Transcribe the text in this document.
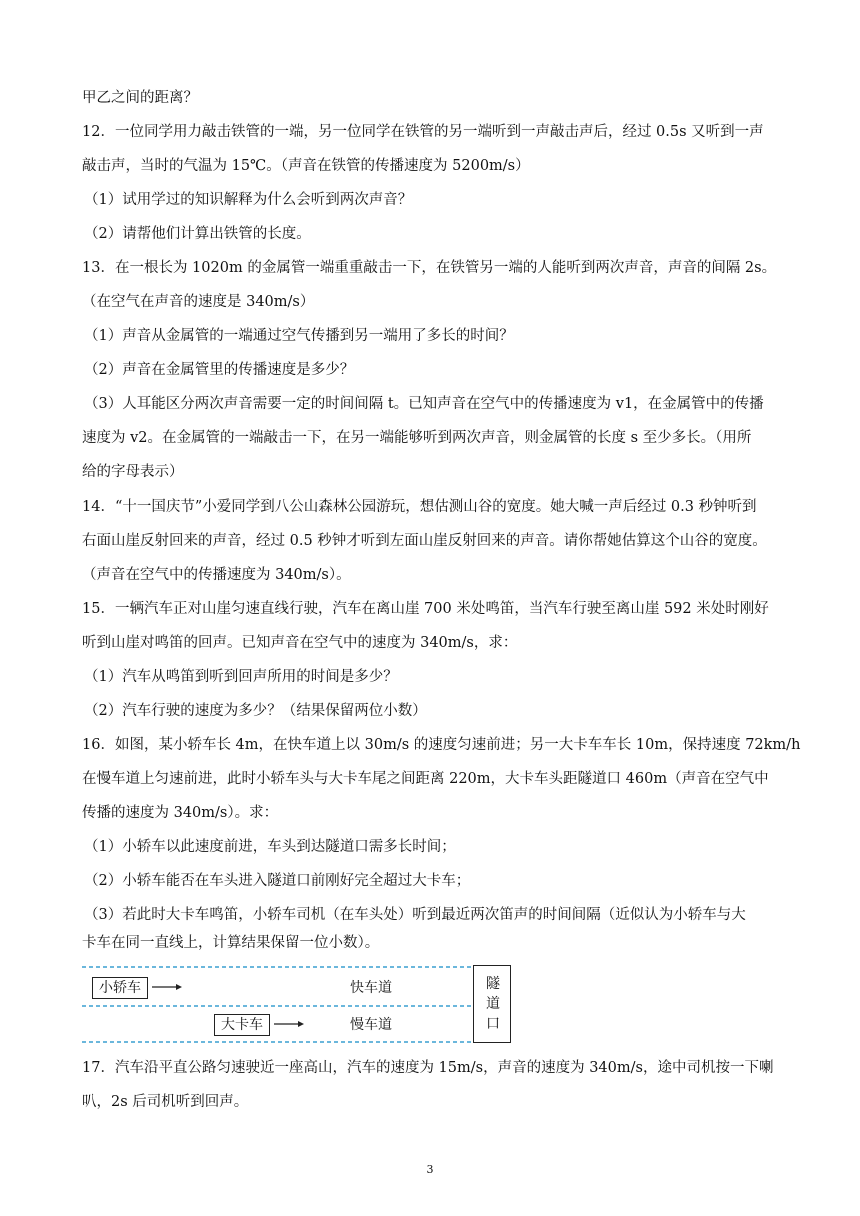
甲乙之间的距离？
12．一位同学用力敲击铁管的一端，另一位同学在铁管的另一端听到一声敲击声后，经过 0.5s 又听到一声
敲击声，当时的气温为 15℃。（声音在铁管的传播速度为 5200m/s）
（1）试用学过的知识解释为什么会听到两次声音？
（2）请帮他们计算出铁管的长度。
13．在一根长为 1020m 的金属管一端重重敲击一下，在铁管另一端的人能听到两次声音，声音的间隔 2s。
（在空气在声音的速度是 340m/s）
（1）声音从金属管的一端通过空气传播到另一端用了多长的时间？
（2）声音在金属管里的传播速度是多少？
（3）人耳能区分两次声音需要一定的时间间隔 t。已知声音在空气中的传播速度为 v1，在金属管中的传播
速度为 v2。在金属管的一端敲击一下，在另一端能够听到两次声音，则金属管的长度 s 至少多长。（用所
给的字母表示）
14．“十一国庆节”小爱同学到八公山森林公园游玩，想估测山谷的宽度。她大喊一声后经过 0.3 秒钟听到
右面山崖反射回来的声音，经过 0.5 秒钟才听到左面山崖反射回来的声音。请你帮她估算这个山谷的宽度。
（声音在空气中的传播速度为 340m/s）。
15．一辆汽车正对山崖匀速直线行驶，汽车在离山崖 700 米处鸣笛，当汽车行驶至离山崖 592 米处时刚好
听到山崖对鸣笛的回声。已知声音在空气中的速度为 340m/s，求：
（1）汽车从鸣笛到听到回声所用的时间是多少？
（2）汽车行驶的速度为多少？（结果保留两位小数）
16．如图，某小轿车长 4m，在快车道上以 30m/s 的速度匀速前进；另一大卡车车长 10m，保持速度 72km/h
在慢车道上匀速前进，此时小轿车头与大卡车尾之间距离 220m，大卡车头距隧道口 460m（声音在空气中
传播的速度为 340m/s）。求：
（1）小轿车以此速度前进，车头到达隧道口需多长时间；
（2）小轿车能否在车头进入隧道口前刚好完全超过大卡车；
（3）若此时大卡车鸣笛，小轿车司机（在车头处）听到最近两次笛声的时间间隔（近似认为小轿车与大
卡车在同一直线上，计算结果保留一位小数）。
小轿车
大卡车
快车道
慢车道
隧
道
口
17．汽车沿平直公路匀速驶近一座高山，汽车的速度为 15m/s，声音的速度为 340m/s，途中司机按一下喇
叭，2s 后司机听到回声。
3
